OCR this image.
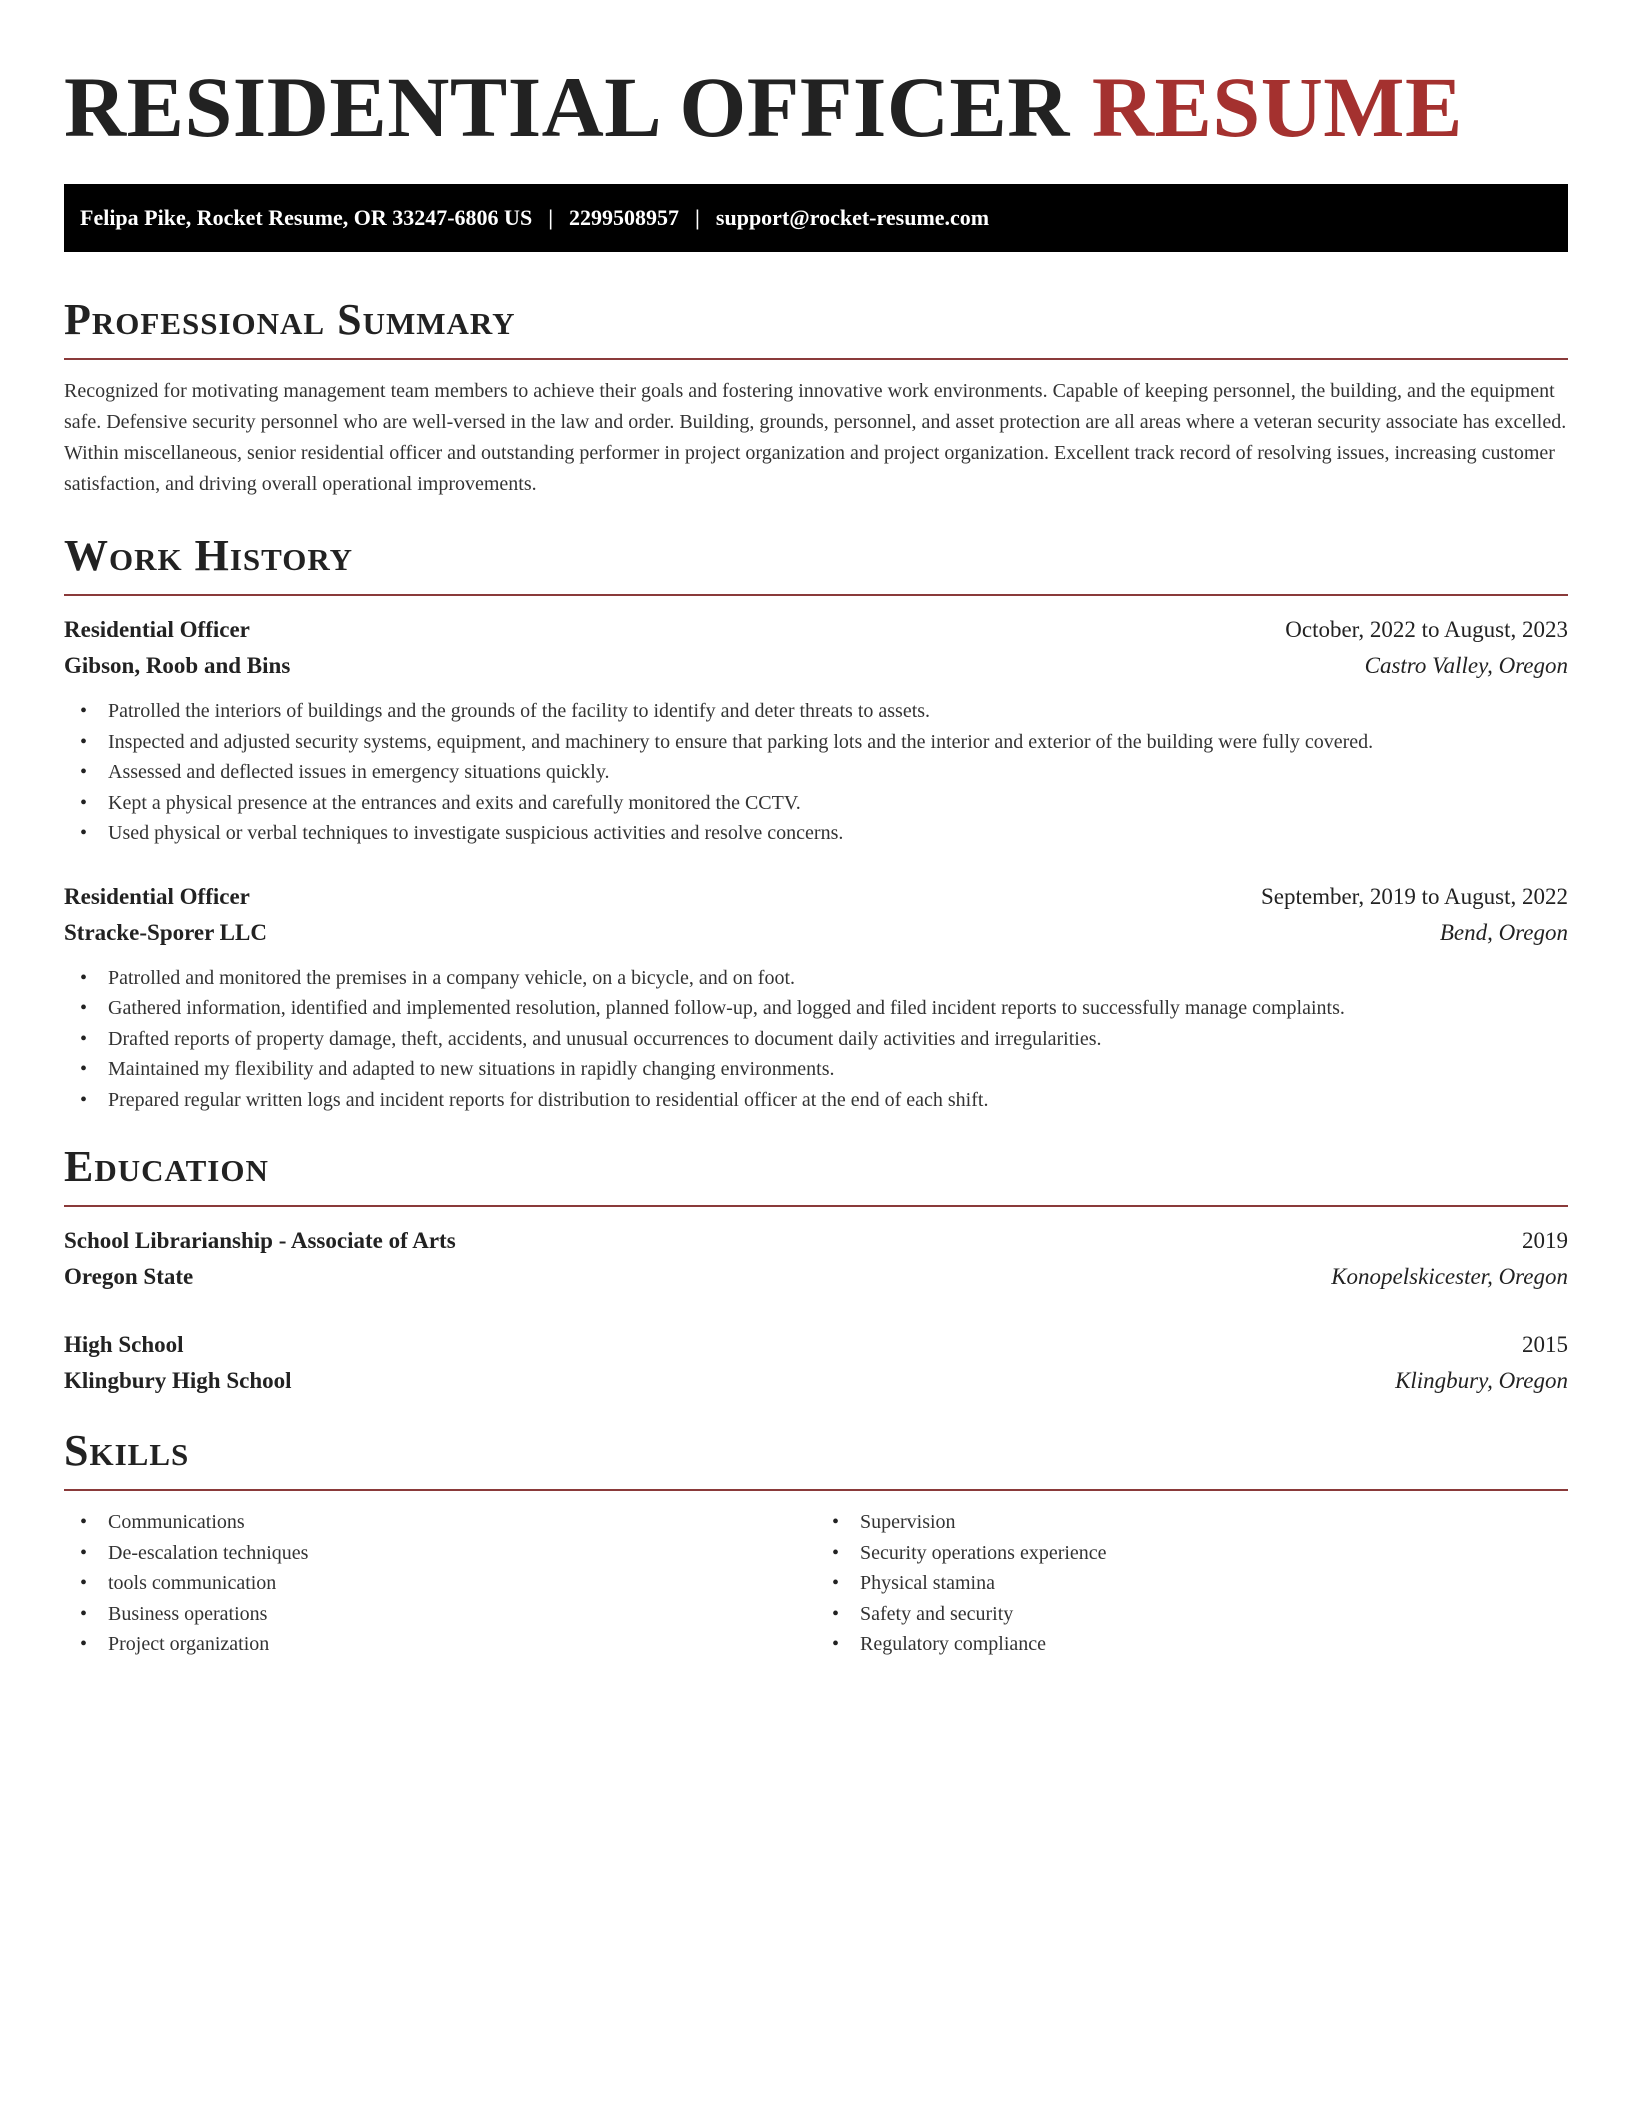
RESIDENTIAL OFFICER RESUME
Felipa Pike, Rocket Resume, OR 33247-6806 US | 2299508957 | support@rocket-resume.com
Professional Summary

Recognized for motivating management team members to achieve their goals and fostering innovative work environments. Capable of keeping personnel, the building, and the equipment safe. Defensive security personnel who are well-versed in the law and order. Building, grounds, personnel, and asset protection are all areas where a veteran security associate has excelled. Within miscellaneous, senior residential officer and outstanding performer in project organization and project organization. Excellent track record of resolving issues, increasing customer satisfaction, and driving overall operational improvements.

Work History
Residential Officer	October, 2022 to August, 2023
Gibson, Roob and Bins	Castro Valley, Oregon
• Patrolled the interiors of buildings and the grounds of the facility to identify and deter threats to assets.
• Inspected and adjusted security systems, equipment, and machinery to ensure that parking lots and the interior and exterior of the building were fully covered.
• Assessed and deflected issues in emergency situations quickly.
• Kept a physical presence at the entrances and exits and carefully monitored the CCTV.
• Used physical or verbal techniques to investigate suspicious activities and resolve concerns.
Residential Officer	September, 2019 to August, 2022
Stracke-Sporer LLC	Bend, Oregon
• Patrolled and monitored the premises in a company vehicle, on a bicycle, and on foot.
• Gathered information, identified and implemented resolution, planned follow-up, and logged and filed incident reports to successfully manage complaints.
• Drafted reports of property damage, theft, accidents, and unusual occurrences to document daily activities and irregularities.
• Maintained my flexibility and adapted to new situations in rapidly changing environments.
• Prepared regular written logs and incident reports for distribution to residential officer at the end of each shift.
Education
School Librarianship - Associate of Arts	2019
Oregon State	Konopelskicester, Oregon
High School	2015
Klingbury High School	Klingbury, Oregon
Skills
• Communications
• De-escalation techniques
• tools communication
• Business operations
• Project organization
• Supervision
• Security operations experience
• Physical stamina
• Safety and security
• Regulatory compliance
